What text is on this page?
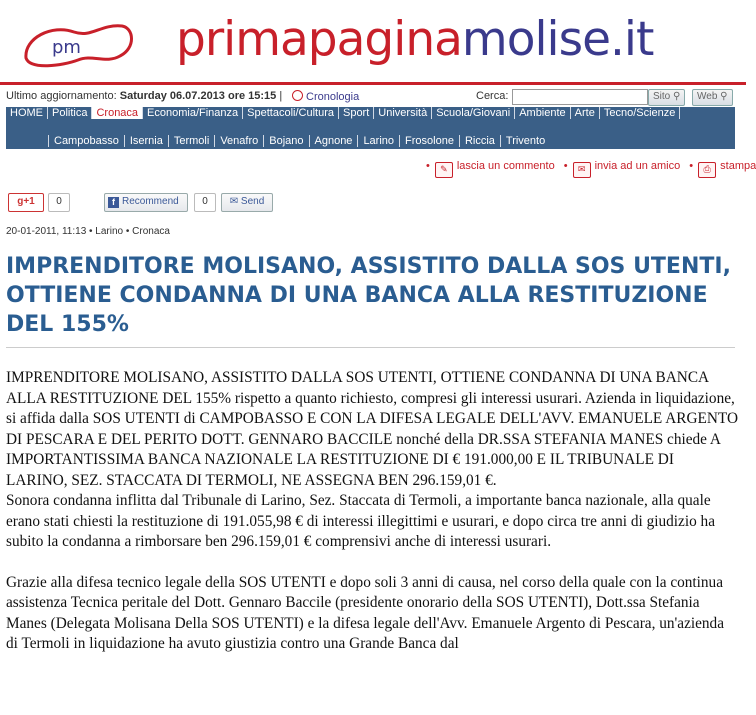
pm primapaginamolise.it
Ultimo aggiornamento: Saturday 06.07.2013 ore 15:15 |	Cronologia	Cerca:	Sito ⚲	Web ⚲
HOME Politica Cronaca Economia/Finanza Spettacoli/Cultura Sport Università Scuola/Giovani Ambiente Arte Tecno/Scienze
Campobasso Isernia Termoli Venafro Bojano Agnone Larino Frosolone Riccia Trivento
• ✎ lascia un commento • ✉ invia ad un amico • ⎙ stampa
g+1	0	f Recommend	0	✉ Send
20-01-2011, 11:13 • Larino • Cronaca
IMPRENDITORE MOLISANO, ASSISTITO DALLA SOS UTENTI, OTTIENE CONDANNA DI UNA BANCA ALLA RESTITUZIONE DEL 155%

IMPRENDITORE MOLISANO, ASSISTITO DALLA SOS UTENTI, OTTIENE CONDANNA DI UNA BANCA ALLA RESTITUZIONE DEL 155% rispetto a quanto richiesto, compresi gli interessi usurari. Azienda in liquidazione, si affida dalla SOS UTENTI di CAMPOBASSO E CON LA DIFESA LEGALE DELL'AVV. EMANUELE ARGENTO DI PESCARA E DEL PERITO DOTT. GENNARO BACCILE nonché della DR.SSA STEFANIA MANES chiede A IMPORTANTISSIMA BANCA NAZIONALE LA RESTITUZIONE DI € 191.000,00 E IL TRIBUNALE DI LARINO, SEZ. STACCATA DI TERMOLI, NE ASSEGNA BEN 296.159,01 €.

Sonora condanna inflitta dal Tribunale di Larino, Sez. Staccata di Termoli, a importante banca nazionale, alla quale erano stati chiesti la restituzione di 191.055,98 € di interessi illegittimi e usurari, e dopo circa tre anni di giudizio ha subito la condanna a rimborsare ben 296.159,01 € comprensivi anche di interessi usurari.

Grazie alla difesa tecnico legale della SOS UTENTI e dopo soli 3 anni di causa, nel corso della quale con la continua assistenza Tecnica peritale del Dott. Gennaro Baccile (presidente onorario della SOS UTENTI), Dott.ssa Stefania Manes (Delegata Molisana Della SOS UTENTI) e la difesa legale dell'Avv. Emanuele Argento di Pescara, un'azienda di Termoli in liquidazione ha avuto giustizia contro una Grande Banca dal
